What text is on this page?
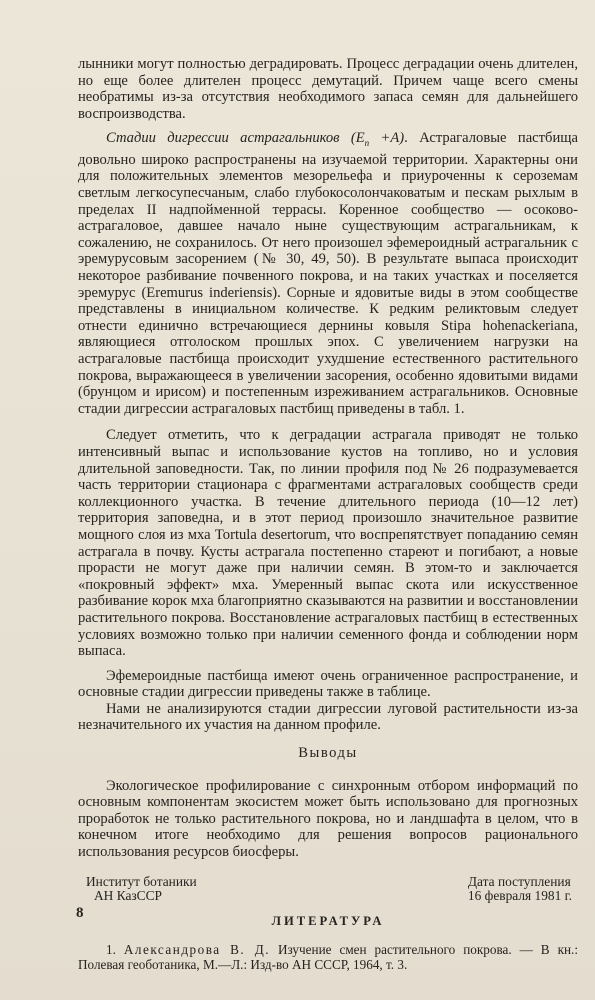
лынники могут полностью деградировать. Процесс деградации очень длителен, но еще более длителен процесс демутаций. Причем чаще всего смены необратимы из-за отсутствия необходимого запаса семян для дальнейшего воспроизводства.

Стадии дигрессии астрагальников $(E_п +A)$. Астрагаловые пастбища довольно широко распространены на изучаемой территории. Характерны они для положительных элементов мезорельефа и приуроченны к сероземам светлым легкосупесчаным, слабо глубокосолончаковатым и пескам рыхлым в пределах II надпойменной террасы. Коренное сообщество — осоково-астрагаловое, давшее начало ныне существующим астрагальникам, к сожалению, не сохранилось. От него произошел эфемероидный астрагальник с эремурусовым засорением (№ 30, 49, 50). В результате выпаса происходит некоторое разбивание почвенного покрова, и на таких участках и поселяется эремурус (Eremurus inderiensis). Сорные и ядовитые виды в этом сообществе представлены в инициальном количестве. К редким реликтовым следует отнести единично встречающиеся дернины ковыля Stipa hohenackeriana, являющиеся отголоском прошлых эпох. С увеличением нагрузки на астрагаловые пастбища происходит ухудшение естественного растительного покрова, выражающееся в увеличении засорения, особенно ядовитыми видами (брунцом и ирисом) и постепенным изреживанием астрагальников. Основные стадии дигрессии астрагаловых пастбищ приведены в табл. 1.

Следует отметить, что к деградации астрагала приводят не только интенсивный выпас и использование кустов на топливо, но и условия длительной заповедности. Так, по линии профиля под № 26 подразумевается часть территории стационара с фрагментами астрагаловых сообществ среди коллекционного участка. В течение длительного периода (10—12 лет) территория заповедна, и в этот период произошло значительное развитие мощного слоя из мха Tortula desertorum, что воспрепятствует попаданию семян астрагала в почву. Кусты астрагала постепенно стареют и погибают, а новые прорасти не могут даже при наличии семян. В этом-то и заключается «покровный эффект» мха. Умеренный выпас скота или искусственное разбивание корок мха благоприятно сказываются на развитии и восстановлении растительного покрова. Восстановление астрагаловых пастбищ в естественных условиях возможно только при наличии семенного фонда и соблюдении норм выпаса.

Эфемероидные пастбища имеют очень ограниченное распространение, и основные стадии дигрессии приведены также в таблице.

Нами не анализируются стадии дигрессии луговой растительности из-за незначительного их участия на данном профиле.

Выводы

Экологическое профилирование с синхронным отбором информаций по основным компонентам экосистем может быть использовано для прогнозных проработок не только растительного покрова, но и ландшафта в целом, что в конечном итоге необходимо для решения вопросов рационального использования ресурсов биосферы.

Институт ботаники
АН КазССР
Дата поступления
16 февраля 1981 г.
ЛИТЕРАТУРА

1. Александрова В. Д. Изучение смен растительного покрова. — В кн.: Полевая геоботаника, М.—Л.: Изд-во АН СССР, 1964, т. 3.

8
